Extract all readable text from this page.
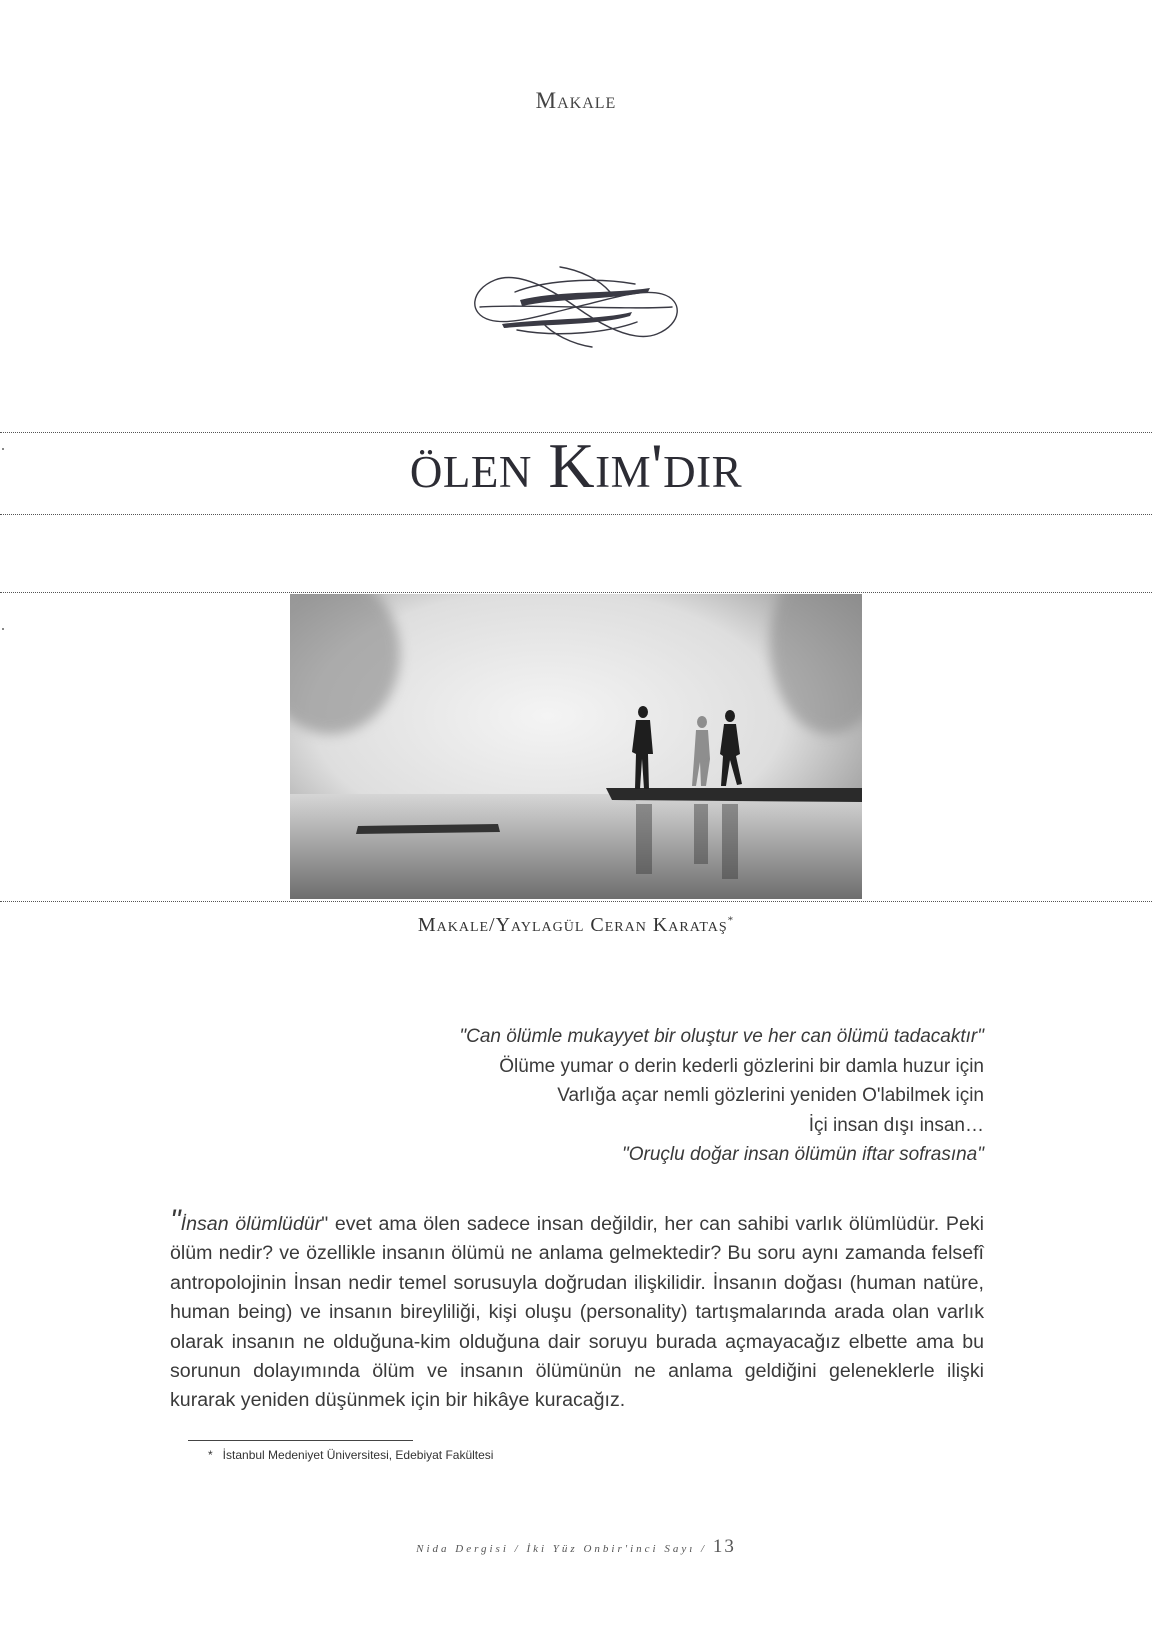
Makale
ölen Kim'dir
Makale/Yaylagül Ceran Karataş*
"Can ölümle mukayyet bir oluştur ve her can ölümü tadacaktır"
Ölüme yumar o derin kederli gözlerini bir damla huzur için
Varlığa açar nemli gözlerini yeniden O'labilmek için
İçi insan dışı insan…
"Oruçlu doğar insan ölümün iftar sofrasına"
"İnsan ölümlüdür" evet ama ölen sadece insan değildir, her can sahibi varlık ölümlüdür. Peki ölüm nedir? ve özellikle insanın ölümü ne anlama gelmektedir? Bu soru aynı zamanda felsefî antropolojinin İnsan nedir temel sorusuyla doğrudan ilişkilidir. İnsanın doğası (human natüre, human being) ve insanın bireyliliği, kişi oluşu (personality) tartışmalarında arada olan varlık olarak insanın ne olduğuna-kim olduğuna dair soruyu burada açmayacağız elbette ama bu sorunun dolayımında ölüm ve insanın ölümünün ne anlama geldiğini geleneklerle ilişki kurarak yeniden düşünmek için bir hikâye kuracağız.
* İstanbul Medeniyet Üniversitesi, Edebiyat Fakültesi
Nida Dergisi / İki Yüz Onbir'inci Sayı / 13
